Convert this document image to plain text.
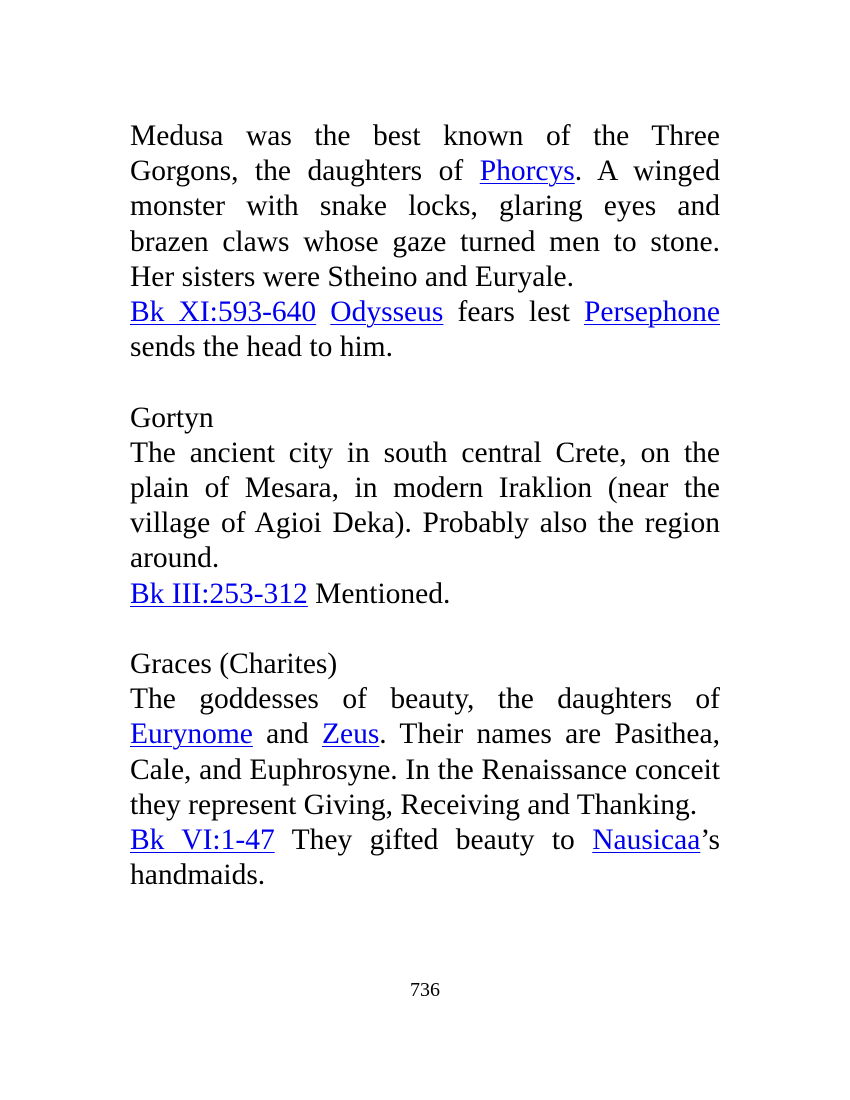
Medusa was the best known of the Three Gorgons, the daughters of Phorcys. A winged monster with snake locks, glaring eyes and brazen claws whose gaze turned men to stone. Her sisters were Stheino and Euryale.

Bk XI:593-640 Odysseus fears lest Persephone sends the head to him.

Gortyn

The ancient city in south central Crete, on the plain of Mesara, in modern Iraklion (near the village of Agioi Deka). Probably also the region around.

Bk III:253-312 Mentioned.

Graces (Charites)

The goddesses of beauty, the daughters of Eurynome and Zeus. Their names are Pasithea, Cale, and Euphrosyne. In the Renaissance conceit they represent Giving, Receiving and Thanking.

Bk VI:1-47 They gifted beauty to Nausicaa’s handmaids.

736
